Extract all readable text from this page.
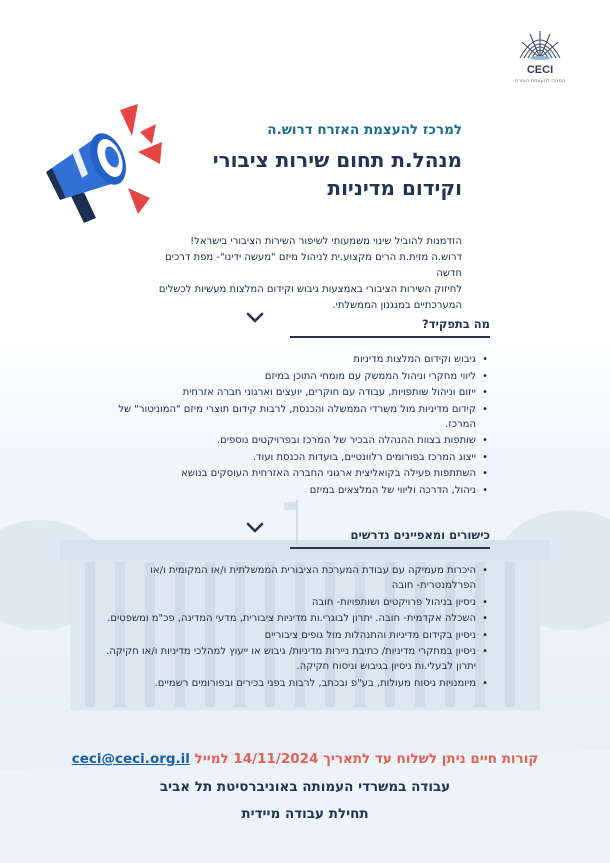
CECI
המרכז להעצמת האזרח
למרכז להעצמת האזרח דרוש.ה
מנהל.ת תחום שירות ציבורי
וקידום מדיניות

הזדמנות להוביל שינוי משמעותי לשיפור השירות הציבורי בישראל!

דרוש.ה מזית.ת הרים מקצוע.ית לניהול מיזם "מעשה ידינו"- מפת דרכים חדשה

לחיזוק השירות הציבורי באמצעות גיבוש וקידום המלצות מעשיות לכשלים

המערכתיים במנגנון הממשלתי.

מה בתפקיד?
• גיבוש וקידום המלצות מדיניות
• ליווי מחקרי וניהול הממשק עם מומחי התוכן במיזם
• ייזום וניהול שותפויות, עבודה עם חוקרים, יועצים וארגוני חברה אזרחית
• קידום מדיניות מול משרדי הממשלה והכנסת, לרבות קידום תוצרי מיזם "המוניטור" של המרכז.
• שותפות בצוות ההנהלה הבכיר של המרכז ובפרויקטים נוספים.
• ייצוג המרכז בפורומים רלוונטיים, בועדות הכנסת ועוד.
• השתתפות פעילה בקואליצית ארגוני החברה האזרחית העוסקים בנושא
• ניהול, הדרכה וליווי של המלצאים במיזם
כישורים ומאפיינים נדרשים
• היכרות מעמיקה עם עבודת המערכת הציבורית הממשלתית ו/או המקומית ו/או הפרלמנטרית- חובה
• ניסיון בניהול פרויקטים ושותפויות- חובה
• השכלה אקדמית- חובה. יתרון לבוגרי.ות מדיניות ציבורית, מדעי המדינה, פכ"מ ומשפטים.
• ניסיון בקידום מדיניות והתנהלות מול גופים ציבוריים
• ניסיון במחקרי מדיניות/ כתיבת ניירות מדיניות/ גיבוש או ייעוץ למהלכי מדיניות ו/או חקיקה. יתרון לבעלי.ות ניסיון בגיבוש וניסוח חקיקה.
• מיומנויות ניסוח מעולות, בע"פ ובכתב, לרבות בפני בכירים ובפורומים רשמיים.
קורות חיים ניתן לשלוח עד לתאריך 14/11/2024 למייל ceci@ceci.org.il
עבודה במשרדי העמותה באוניברסיטת תל אביב
תחילת עבודה מיידית
